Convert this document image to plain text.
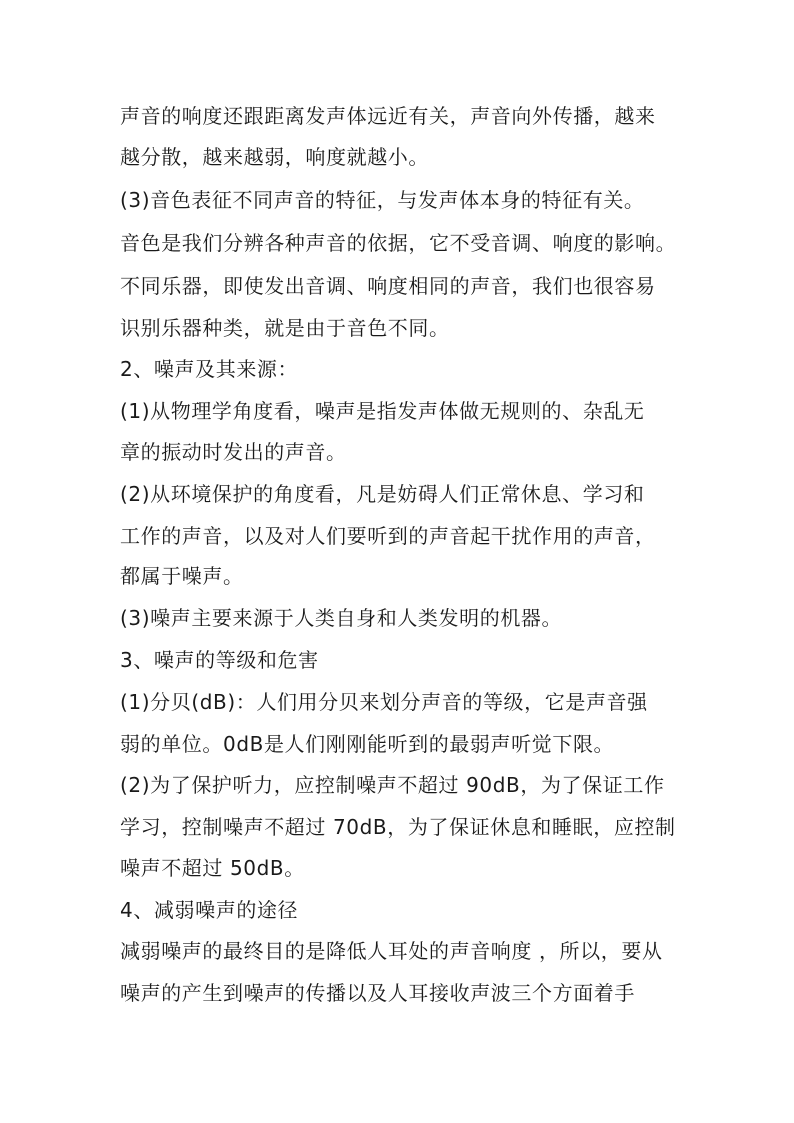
声音的响度还跟距离发声体远近有关，声音向外传播，越来
越分散，越来越弱，响度就越小。
(3)音色表征不同声音的特征，与发声体本身的特征有关。
音色是我们分辨各种声音的依据，它不受音调、响度的影响。
不同乐器，即使发出音调、响度相同的声音，我们也很容易
识别乐器种类，就是由于音色不同。
2、噪声及其来源：
(1)从物理学角度看，噪声是指发声体做无规则的、杂乱无
章的振动时发出的声音。
(2)从环境保护的角度看，凡是妨碍人们正常休息、学习和
工作的声音，以及对人们要听到的声音起干扰作用的声音，
都属于噪声。
(3)噪声主要来源于人类自身和人类发明的机器。
3、噪声的等级和危害
(1)分贝(dB)：人们用分贝来划分声音的等级，它是声音强
弱的单位。0dB是人们刚刚能听到的最弱声听觉下限。
(2)为了保护听力，应控制噪声不超过 90dB，为了保证工作
学习，控制噪声不超过 70dB，为了保证休息和睡眠，应控制
噪声不超过 50dB。
4、减弱噪声的途径
减弱噪声的最终目的是降低人耳处的声音响度 ，所以，要从
噪声的产生到噪声的传播以及人耳接收声波三个方面着手
